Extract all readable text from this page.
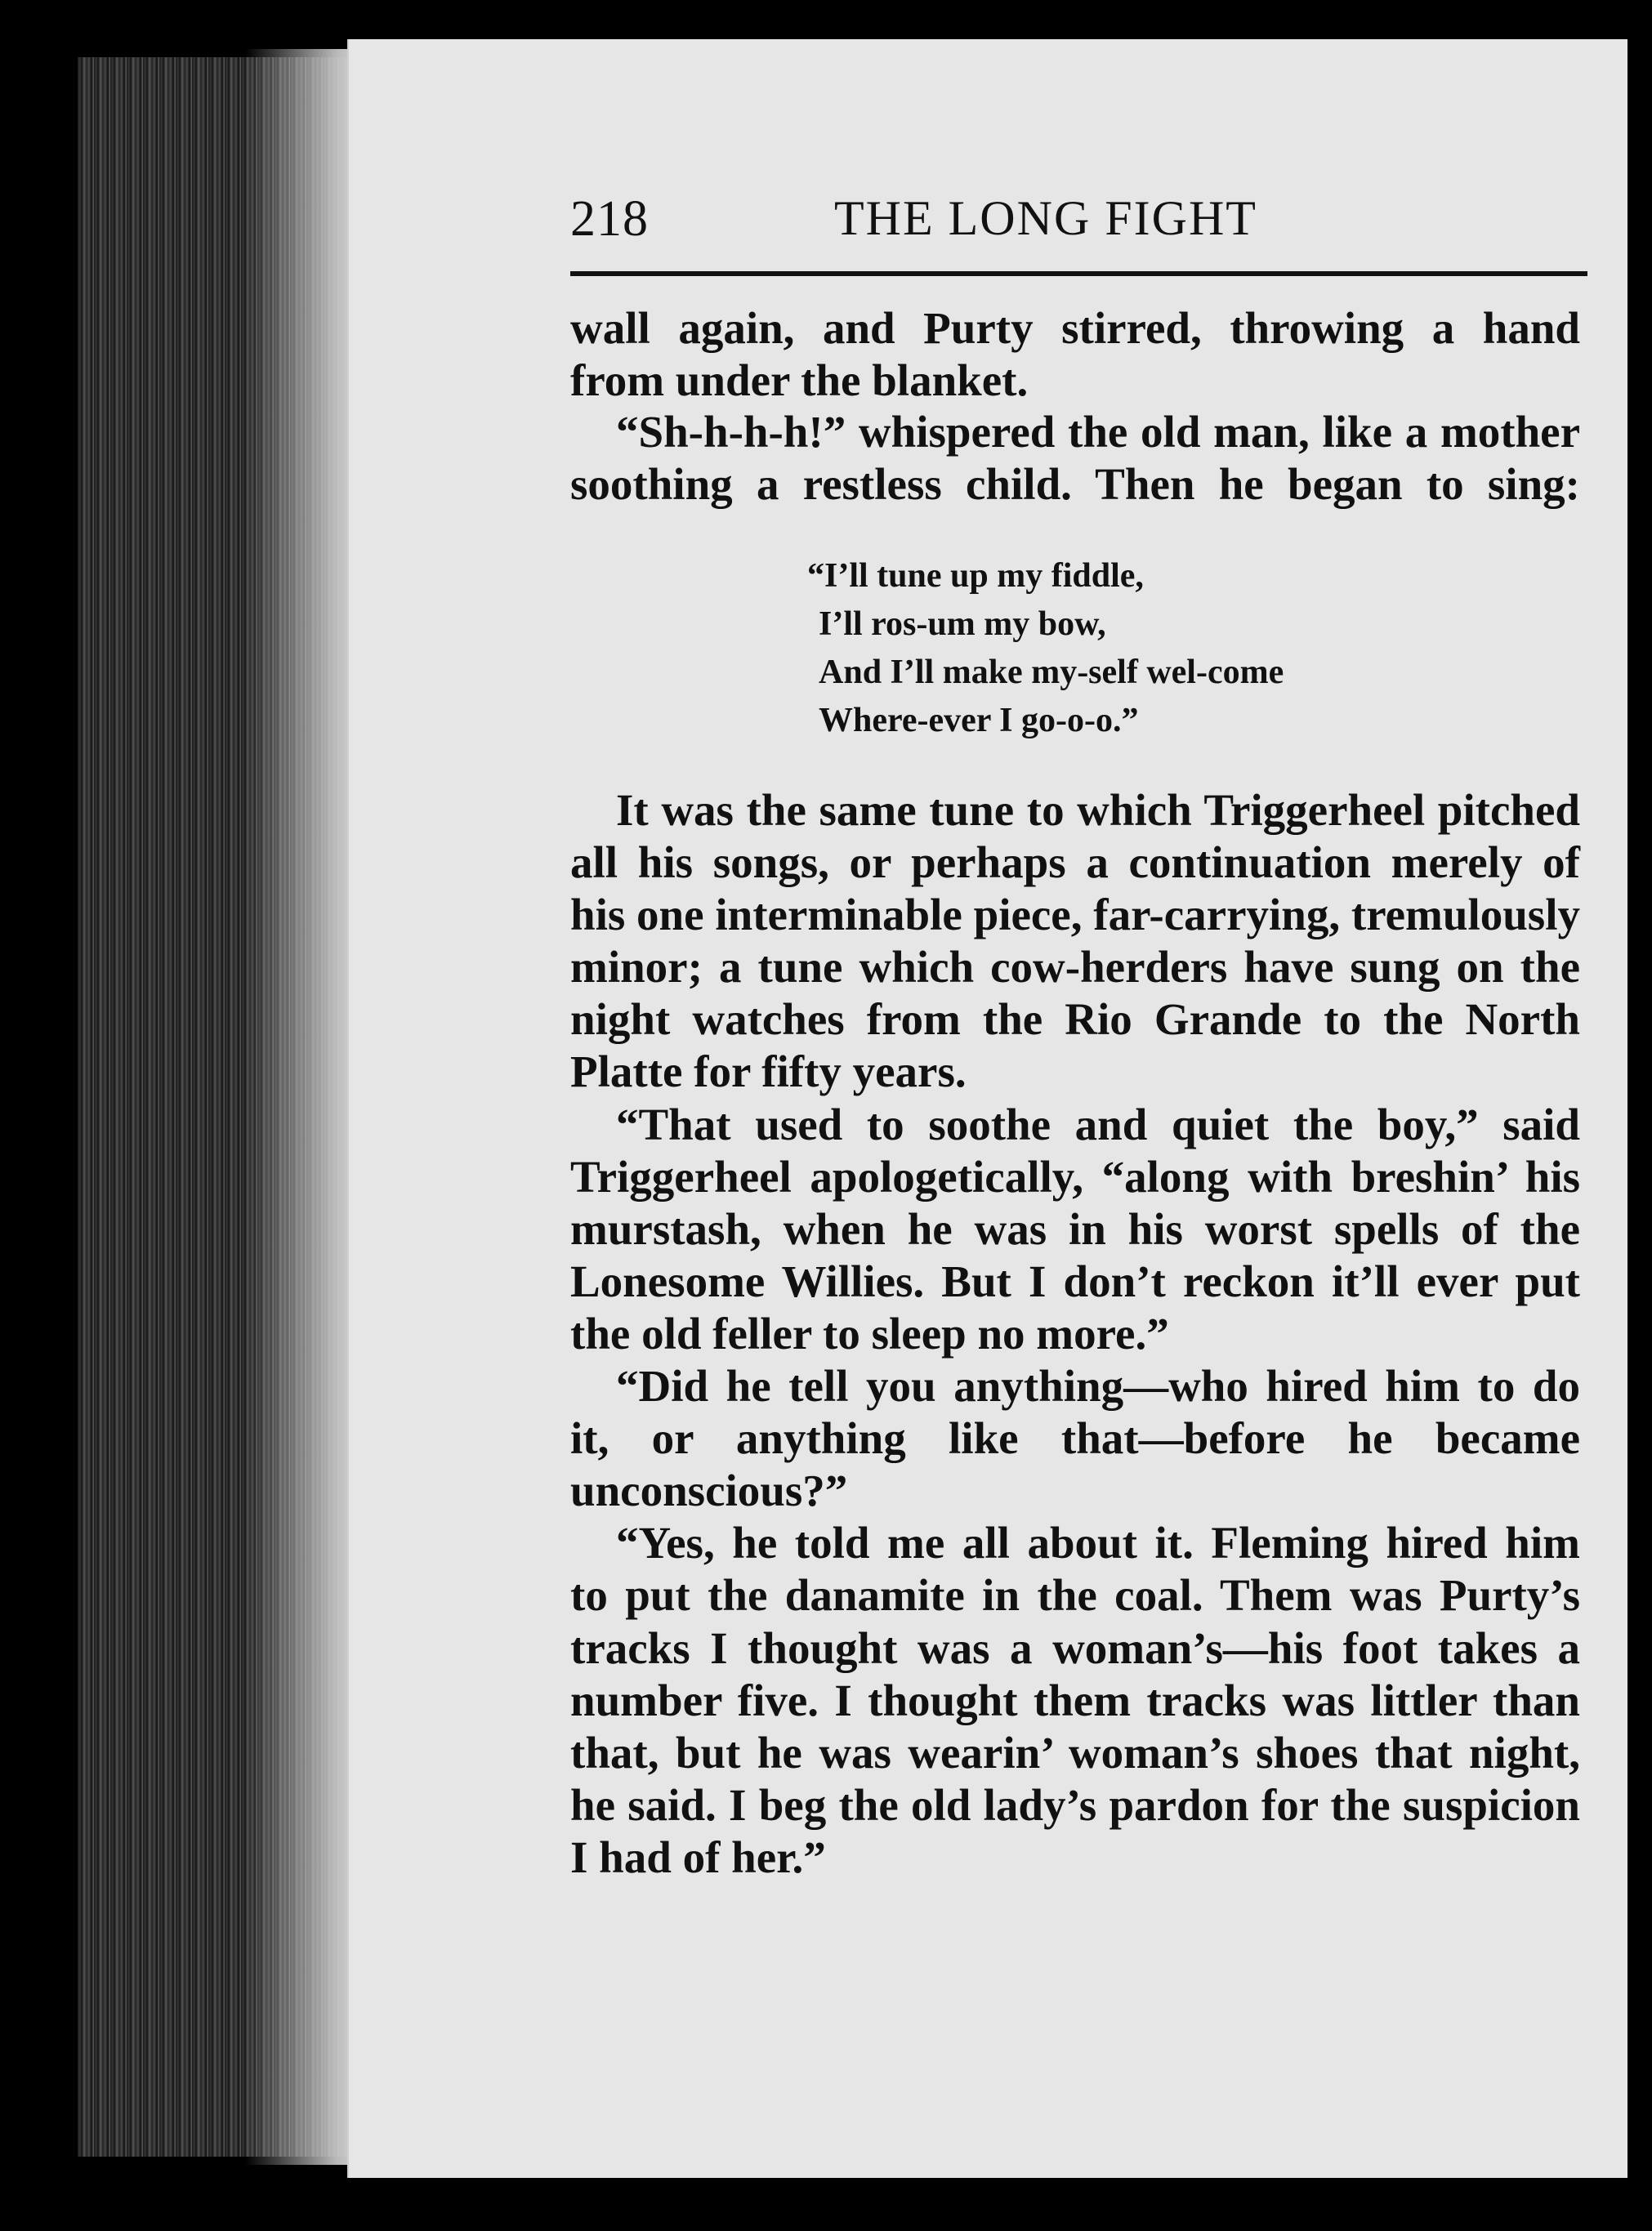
218	THE LONG FIGHT
wall again, and Purty stirred, throwing a hand
from under the blanket.
“Sh-h-h-h!” whispered the old man, like a mother
soothing a restless child. Then he began to sing:
“I’ll tune up my fiddle,
I’ll ros-um my bow,
And I’ll make my-self wel-come
Where-ever I go-o-o.”
It was the same tune to which Triggerheel pitched
all his songs, or perhaps a continuation merely of
his one interminable piece, far-carrying, tremulously
minor; a tune which cow-herders have sung on the
night watches from the Rio Grande to the North
Platte for fifty years.
“That used to soothe and quiet the boy,” said
Triggerheel apologetically, “along with breshin’ his
murstash, when he was in his worst spells of the
Lonesome Willies. But I don’t reckon it’ll ever put
the old feller to sleep no more.”
“Did he tell you anything—who hired him to do
it, or anything like that—before he became
unconscious?”
“Yes, he told me all about it. Fleming hired him
to put the danamite in the coal. Them was Purty’s
tracks I thought was a woman’s—his foot takes a
number five. I thought them tracks was littler than
that, but he was wearin’ woman’s shoes that night,
he said. I beg the old lady’s pardon for the suspicion
I had of her.”
